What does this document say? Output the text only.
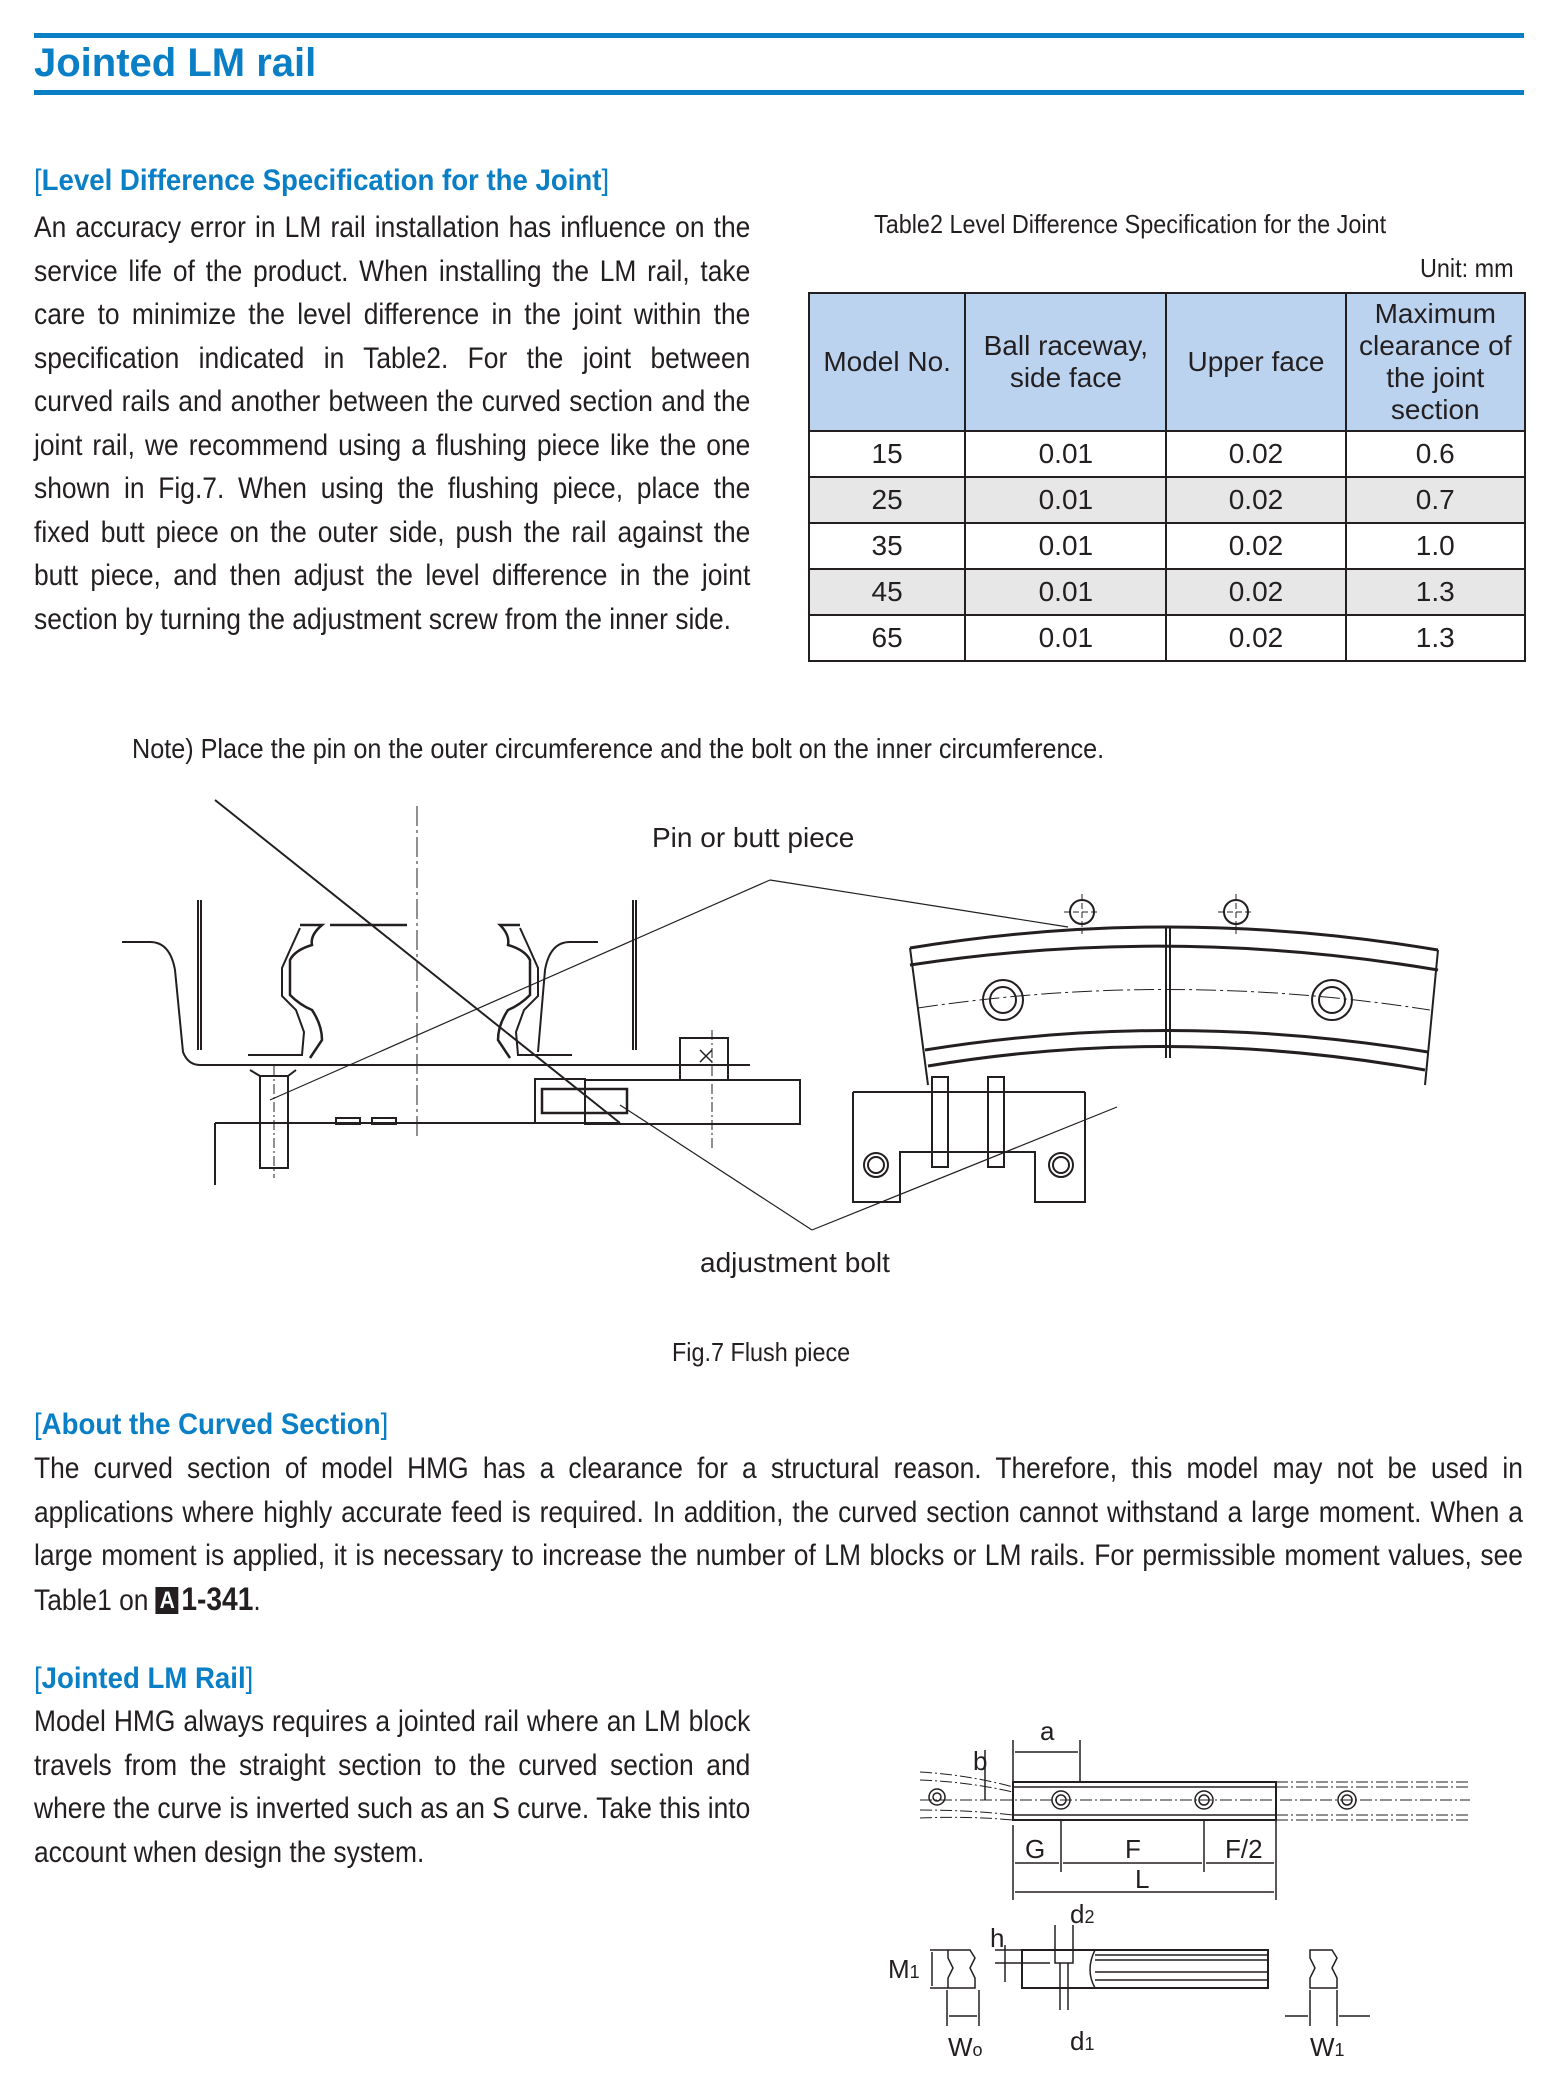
Jointed LM rail
[Level Difference Specification for the Joint]
An accuracy error in LM rail installation has influence on the service life of the product. When installing the LM rail, take care to minimize the level difference in the joint within the specification indicated in Table2. For the joint between curved rails and another between the curved section and the joint rail, we recommend using a flushing piece like the one shown in Fig.7. When using the flushing piece, place the fixed butt piece on the outer side, push the rail against the butt piece, and then adjust the level difference in the joint section by turning the adjustment screw from the inner side.
Table2 Level Difference Specification for the Joint
Unit: mm
Model No.	Ball raceway, side face	Upper face	Maximum clearance of the joint section
15	0.01	0.02	0.6
25	0.01	0.02	0.7
35	0.01	0.02	1.0
45	0.01	0.02	1.3
65	0.01	0.02	1.3
Note) Place the pin on the outer circumference and the bolt on the inner circumference.
Pin or butt piece
adjustment bolt
Fig.7 Flush piece
[About the Curved Section]
The curved section of model HMG has a clearance for a structural reason. Therefore, this model may not be used in applications where highly accurate feed is required. In addition, the curved section cannot withstand a large moment. When a large moment is applied, it is necessary to increase the number of LM blocks or LM rails. For permissible moment values, see Table1 on A 1-341.
[Jointed LM Rail]
Model HMG always requires a jointed rail where an LM block travels from the straight section to the curved section and where the curve is inverted such as an S curve. Take this into account when design the system.
a
b
G	F	F/2
L
d2
h
M1
Wo	d1	W1
